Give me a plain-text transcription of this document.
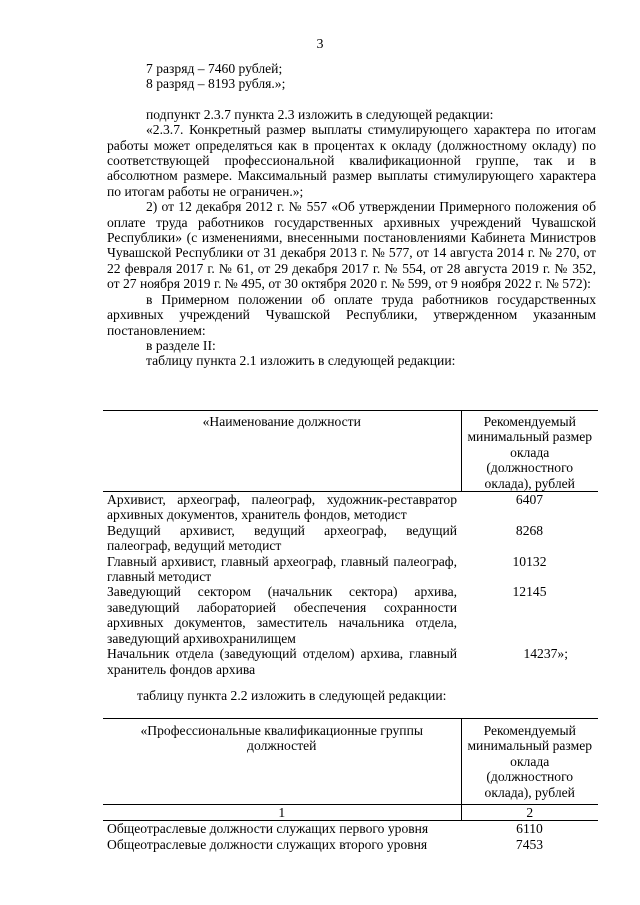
3

7 разряд – 7460 рублей;

8 разряд – 8193 рубля.»;

подпункт 2.3.7 пункта 2.3 изложить в следующей редакции:

«2.3.7. Конкретный размер выплаты стимулирующего характера по итогам работы может определяться как в процентах к окладу (должностному окладу) по соответствующей профессиональной квалификационной группе, так и в абсолютном размере. Максимальный размер выплаты стимулирующего характера по итогам работы не ограничен.»;

2) от 12 декабря 2012 г. № 557 «Об утверждении Примерного положения об оплате труда работников государственных архивных учреждений Чувашской Республики» (с изменениями, внесенными постановлениями Кабинета Министров Чувашской Республики от 31 декабря 2013 г. № 577, от 14 августа 2014 г. № 270, от 22 февраля 2017 г. № 61, от 29 декабря 2017 г. № 554, от 28 августа 2019 г. № 352, от 27 ноября 2019 г. № 495, от 30 октября 2020 г. № 599, от 9 ноября 2022 г. № 572):

в Примерном положении об оплате труда работников государственных архивных учреждений Чувашской Республики, утвержденном указанным постановлением:

в разделе II:

таблицу пункта 2.1 изложить в следующей редакции:

«Наименование должности	Рекомендуемый минимальный размер оклада (должностного оклада), рублей
Архивист, археограф, палеограф, художник-реставратор архивных документов, хранитель фондов, методист	6407
Ведущий архивист, ведущий археограф, ведущий палеограф, ведущий методист	8268
Главный архивист, главный археограф, главный палеограф, главный методист	10132
Заведующий сектором (начальник сектора) архива, заведующий лабораторией обеспечения сохранности архивных документов, заместитель начальника отдела, заведующий архивохранилищем	12145
Начальник отдела (заведующий отделом) архива, главный хранитель фондов архива	14237»;
таблицу пункта 2.2 изложить в следующей редакции:
«Профессиональные квалификационные группы должностей	Рекомендуемый минимальный размер оклада (должностного оклада), рублей
1	2
Общеотраслевые должности служащих первого уровня	6110
Общеотраслевые должности служащих второго уровня	7453
